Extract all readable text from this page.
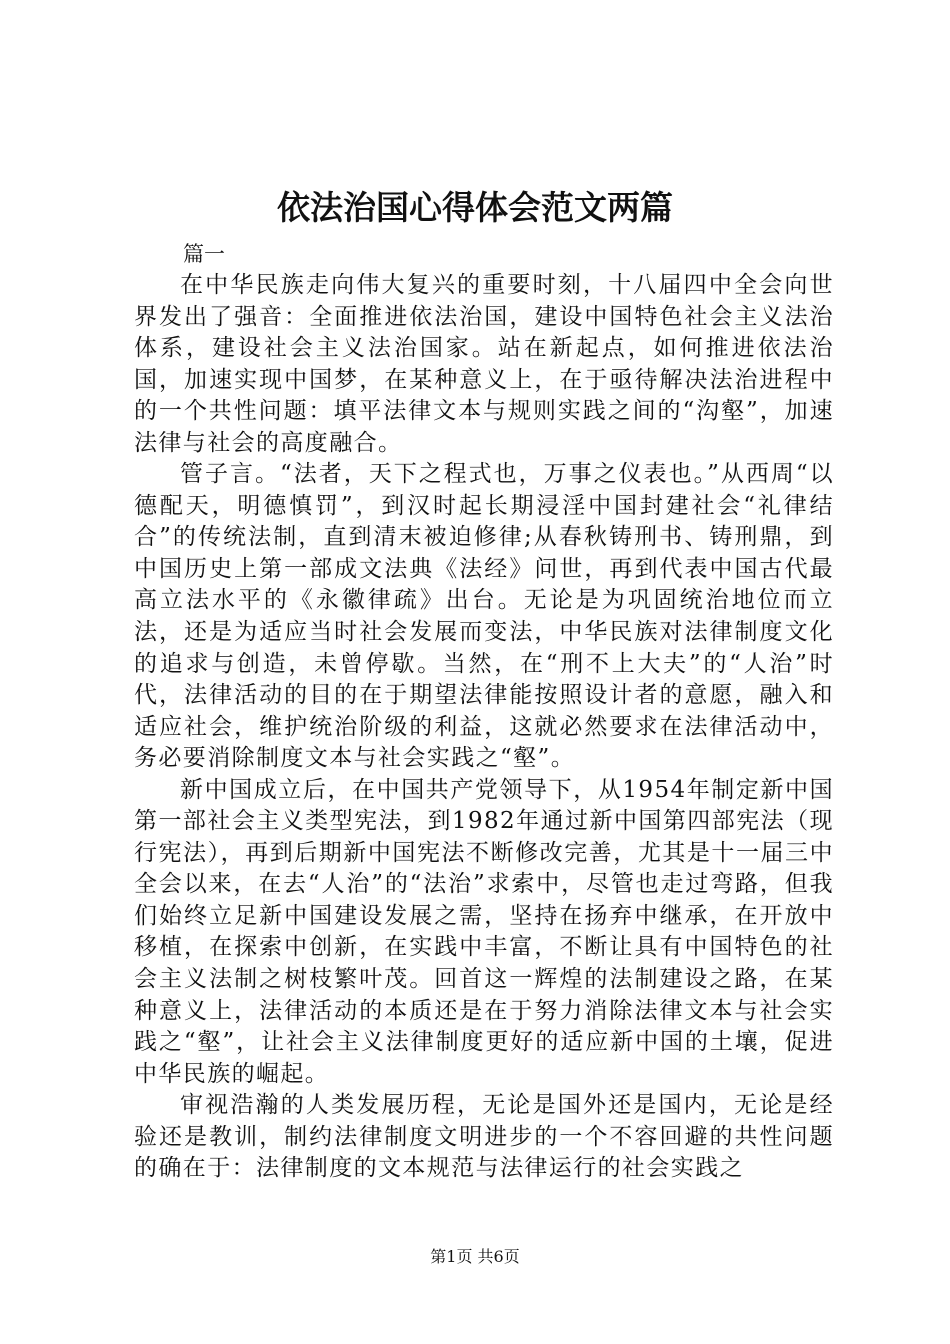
依法治国心得体会范文两篇
篇一

在中华民族走向伟大复兴的重要时刻，十八届四中全会向世界发出了强音：全面推进依法治国，建设中国特色社会主义法治体系，建设社会主义法治国家。站在新起点，如何推进依法治国，加速实现中国梦，在某种意义上，在于亟待解决法治进程中的一个共性问题：填平法律文本与规则实践之间的“沟壑”，加速法律与社会的高度融合。

管子言。“法者，天下之程式也，万事之仪表也。”从西周“以德配天，明德慎罚”，到汉时起长期浸淫中国封建社会“礼律结合”的传统法制，直到清末被迫修律;从春秋铸刑书、铸刑鼎，到中国历史上第一部成文法典《法经》问世，再到代表中国古代最高立法水平的《永徽律疏》出台。无论是为巩固统治地位而立法，还是为适应当时社会发展而变法，中华民族对法律制度文化的追求与创造，未曾停歇。当然，在“刑不上大夫”的“人治”时代，法律活动的目的在于期望法律能按照设计者的意愿，融入和适应社会，维护统治阶级的利益，这就必然要求在法律活动中，务必要消除制度文本与社会实践之“壑”。

新中国成立后，在中国共产党领导下，从1954年制定新中国第一部社会主义类型宪法，到1982年通过新中国第四部宪法（现行宪法），再到后期新中国宪法不断修改完善，尤其是十一届三中全会以来，在去“人治”的“法治”求索中，尽管也走过弯路，但我们始终立足新中国建设发展之需，坚持在扬弃中继承，在开放中移植，在探索中创新，在实践中丰富，不断让具有中国特色的社会主义法制之树枝繁叶茂。回首这一辉煌的法制建设之路，在某种意义上，法律活动的本质还是在于努力消除法律文本与社会实践之“壑”，让社会主义法律制度更好的适应新中国的土壤，促进中华民族的崛起。

审视浩瀚的人类发展历程，无论是国外还是国内，无论是经验还是教训，制约法律制度文明进步的一个不容回避的共性问题的确在于：法律制度的文本规范与法律运行的社会实践之

第1页 共6页
